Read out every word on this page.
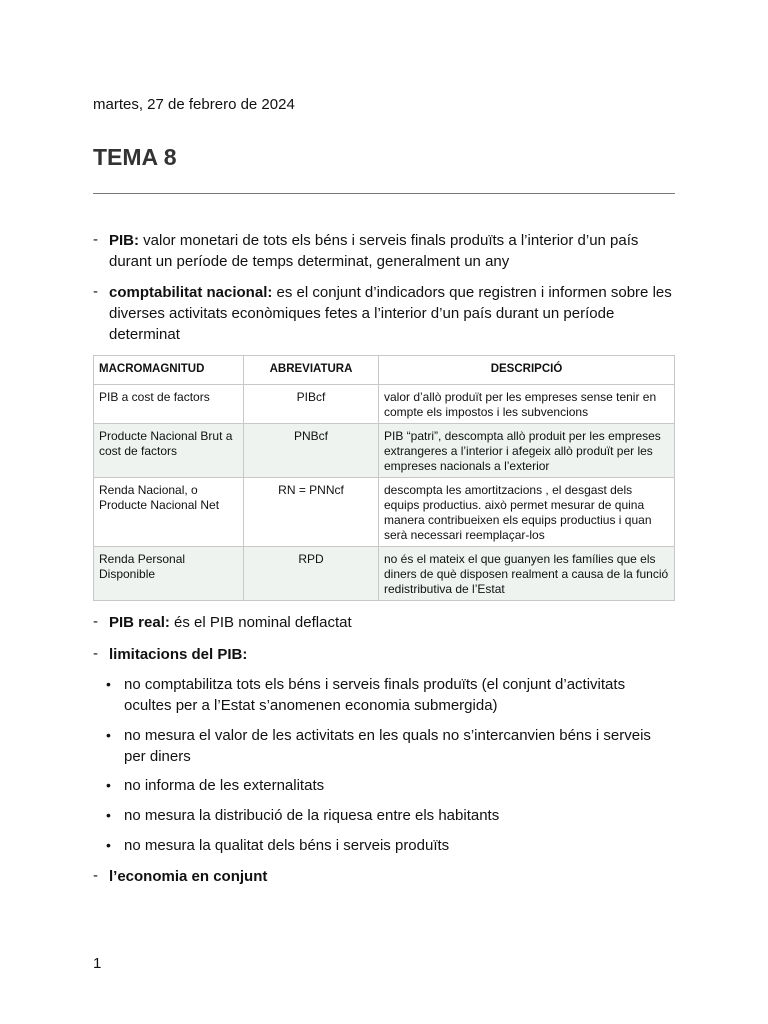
martes, 27 de febrero de 2024
TEMA 8
- PIB: valor monetari de tots els béns i serveis finals produïts a l’interior d’un país durant un període de temps determinat, generalment un any
- comptabilitat nacional: es el conjunt d’indicadors que registren i informen sobre les diverses activitats econòmiques fetes a l’interior d’un país durant un període determinat
MACROMAGNITUD	ABREVIATURA	DESCRIPCIÓ
PIB a cost de factors	PIBcf	valor d’allò produït per les empreses sense tenir en compte els impostos i les subvencions
Producte Nacional Brut a cost de factors	PNBcf	PIB “patri”, descompta allò produit per les empreses extrangeres a l’interior i afegeix allò produït per les empreses nacionals a l’exterior
Renda Nacional, o Producte Nacional Net	RN = PNNcf	descompta les amortitzacions , el desgast dels equips productius. això permet mesurar de quina manera contribueixen els equips productius i quan serà necessari reemplaçar-los
Renda Personal Disponible	RPD	no és el mateix el que guanyen les famílies que els diners de què disposen realment a causa de la funció redistributiva de l’Estat
- PIB real: és el PIB nominal deflactat
- limitacions del PIB:
• no comptabilitza tots els béns i serveis finals produïts (el conjunt d’activitats ocultes per a l’Estat s’anomenen economia submergida)
• no mesura el valor de les activitats en les quals no s’intercanvien béns i serveis per diners
• no informa de les externalitats
• no mesura la distribució de la riquesa entre els habitants
• no mesura la qualitat dels béns i serveis produïts
- l’economia en conjunt
1
